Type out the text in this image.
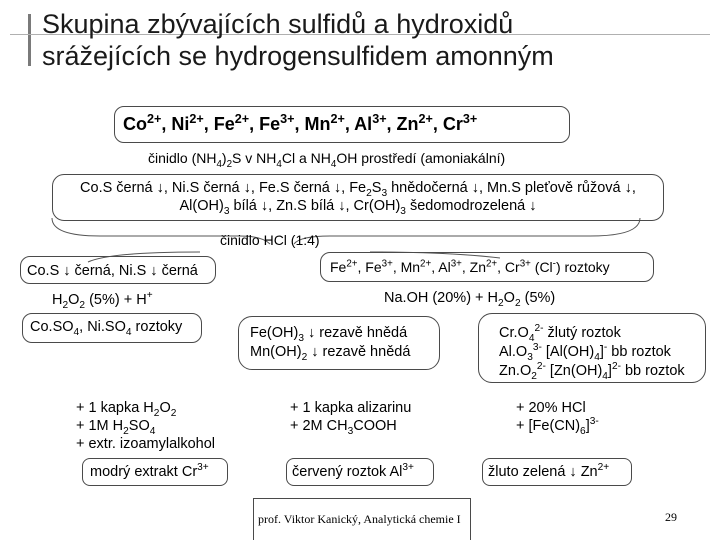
Skupina zbývajících sulfidů a hydroxidů
srážejících se hydrogensulfidem amonným
$Co^{2+}$, $Ni^{2+}$, $Fe^{2+}$, $Fe^{3+}$, $Mn^{2+}$, $Al^{3+}$, $Zn^{2+}$, $Cr^{3+}$
činidlo $(NH_4)_2S$ v $NH_4Cl$ a $NH_4OH$ prostředí (amoniakální)
Co.S černá ↓, Ni.S černá ↓, Fe.S černá ↓, $Fe_2S_3$ hnědočerná ↓, Mn.S pleťově růžová ↓,
$Al(OH)_3$ bílá ↓, Zn.S bílá ↓, $Cr(OH)_3$ šedomodrozelená ↓
činidlo HCl (1:4)
Co.S ↓ černá, Ni.S ↓ černá
$H_2O_2$ (5%) + H+
$Co.SO_4$, $Ni.SO_4$ roztoky
+ 1 kapka $H_2O_2$
+ 1M $H_2SO_4$
+ extr. izoamylalkohol
modrý extrakt $Cr^{3+}$
$Fe^{2+}$, $Fe^{3+}$, $Mn^{2+}$, $Al^{3+}$, $Zn^{2+}$, $Cr^{3+}$ (Cl-) roztoky
Na.OH $(20\%) + H_2O_2$ (5%)
$Fe(OH)_3$ ↓ rezavě hnědá
$Mn(OH)_2$ ↓ rezavě hnědá
+ 1 kapka alizarinu
+ 2M $CH_3COOH$
červený roztok $Al^{3+}$
$Cr.O_4^{2-}$ žlutý roztok
$Al.O_3^{3-}$ $[Al(OH)_4]^-$ bb roztok
$Zn.O_2^{2-}$ $[Zn(OH)_4]^{2-}$ bb roztok
+ 20% HCl
+ $[Fe(CN)_6]^{3-}$
žluto zelená ↓ $Zn^{2+}$
prof. Viktor Kanický, Analytická chemie I	29
